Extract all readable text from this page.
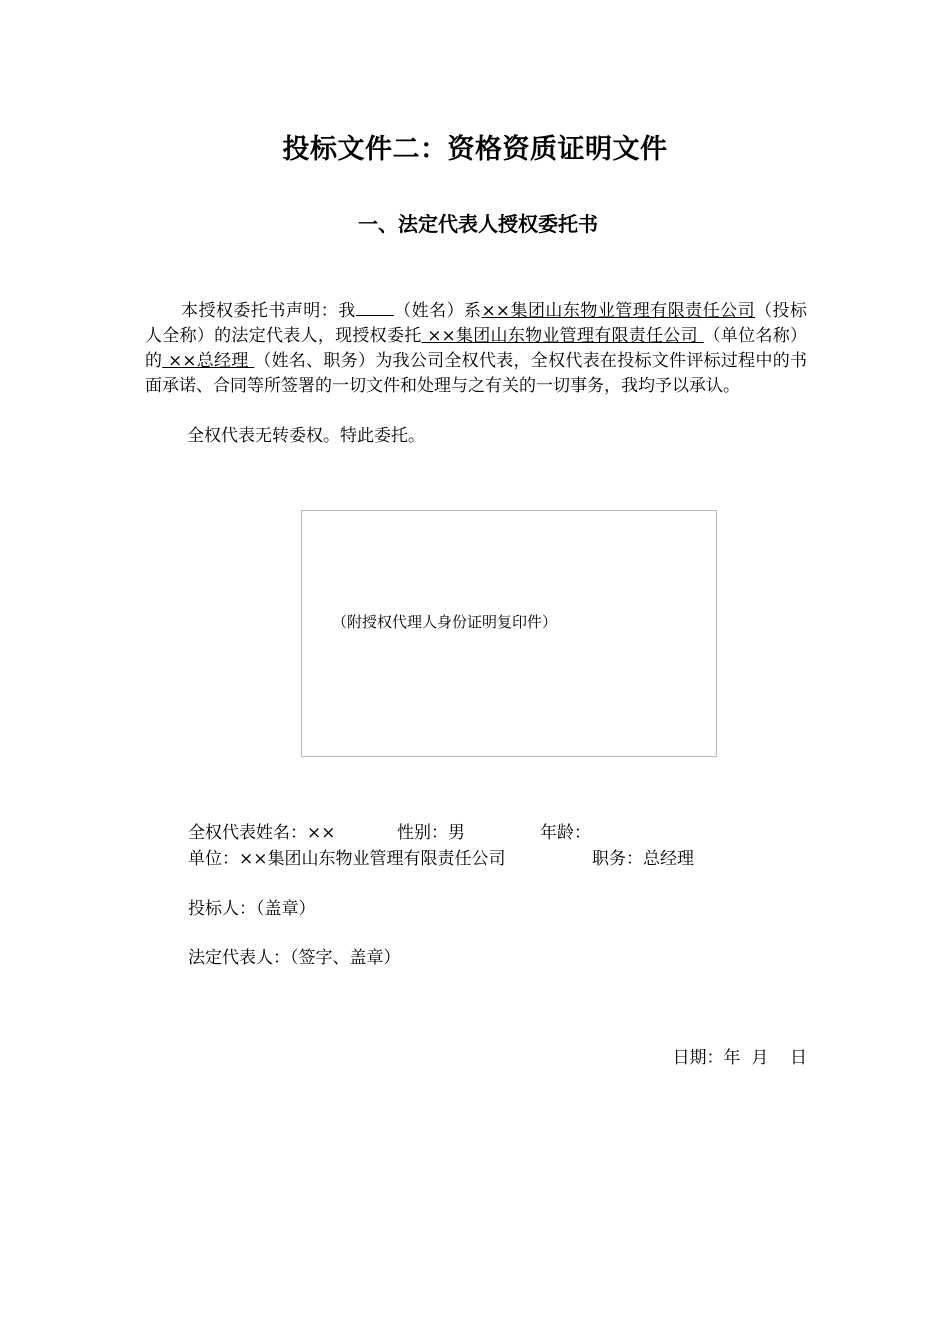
投标文件二：资格资质证明文件
一、法定代表人授权委托书
本授权委托书声明：我 （姓名）系××集团山东物业管理有限责任公司（投标人全称）的法定代表人，现授权委托 ××集团山东物业管理有限责任公司 （单位名称）的 ××总经理 （姓名、职务）为我公司全权代表，全权代表在投标文件评标过程中的书面承诺、合同等所签署的一切文件和处理与之有关的一切事务，我均予以承认。
全权代表无转委权。特此委托。
（附授权代理人身份证明复印件）
全权代表姓名：××	性别：男	年龄：
单位：××集团山东物业管理有限责任公司	职务：总经理
投标人：（盖章）
法定代表人：（签字、盖章）
日期：年  月    日
